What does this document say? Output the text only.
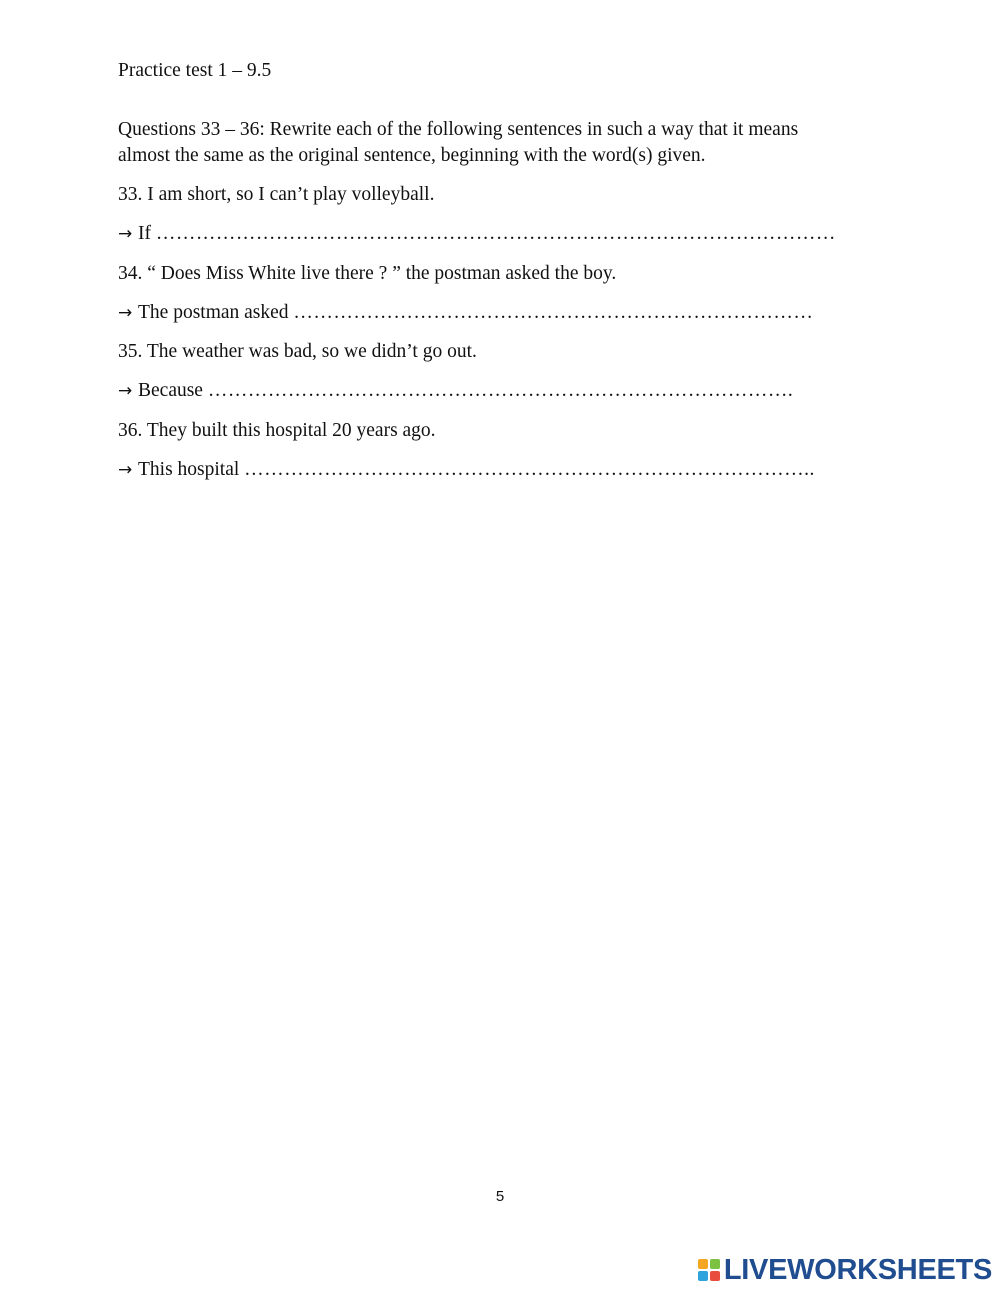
Practice test 1 – 9.5
Questions 33 – 36: Rewrite each of the following sentences in such a way that it means
almost the same as the original sentence, beginning with the word(s) given.
33. I am short, so I can’t play volleyball.
→ If …………………………………………………………………………………………
34. “ Does Miss White live there ? ” the postman asked the boy.
→ The postman asked ……………………………………………………………………
35. The weather was bad, so we didn’t go out.
→ Because …………………………………………………………………………….
36. They built this hospital 20 years ago.
→ This hospital …………………………………………………………………………..
5
LIVEWORKSHEETS
